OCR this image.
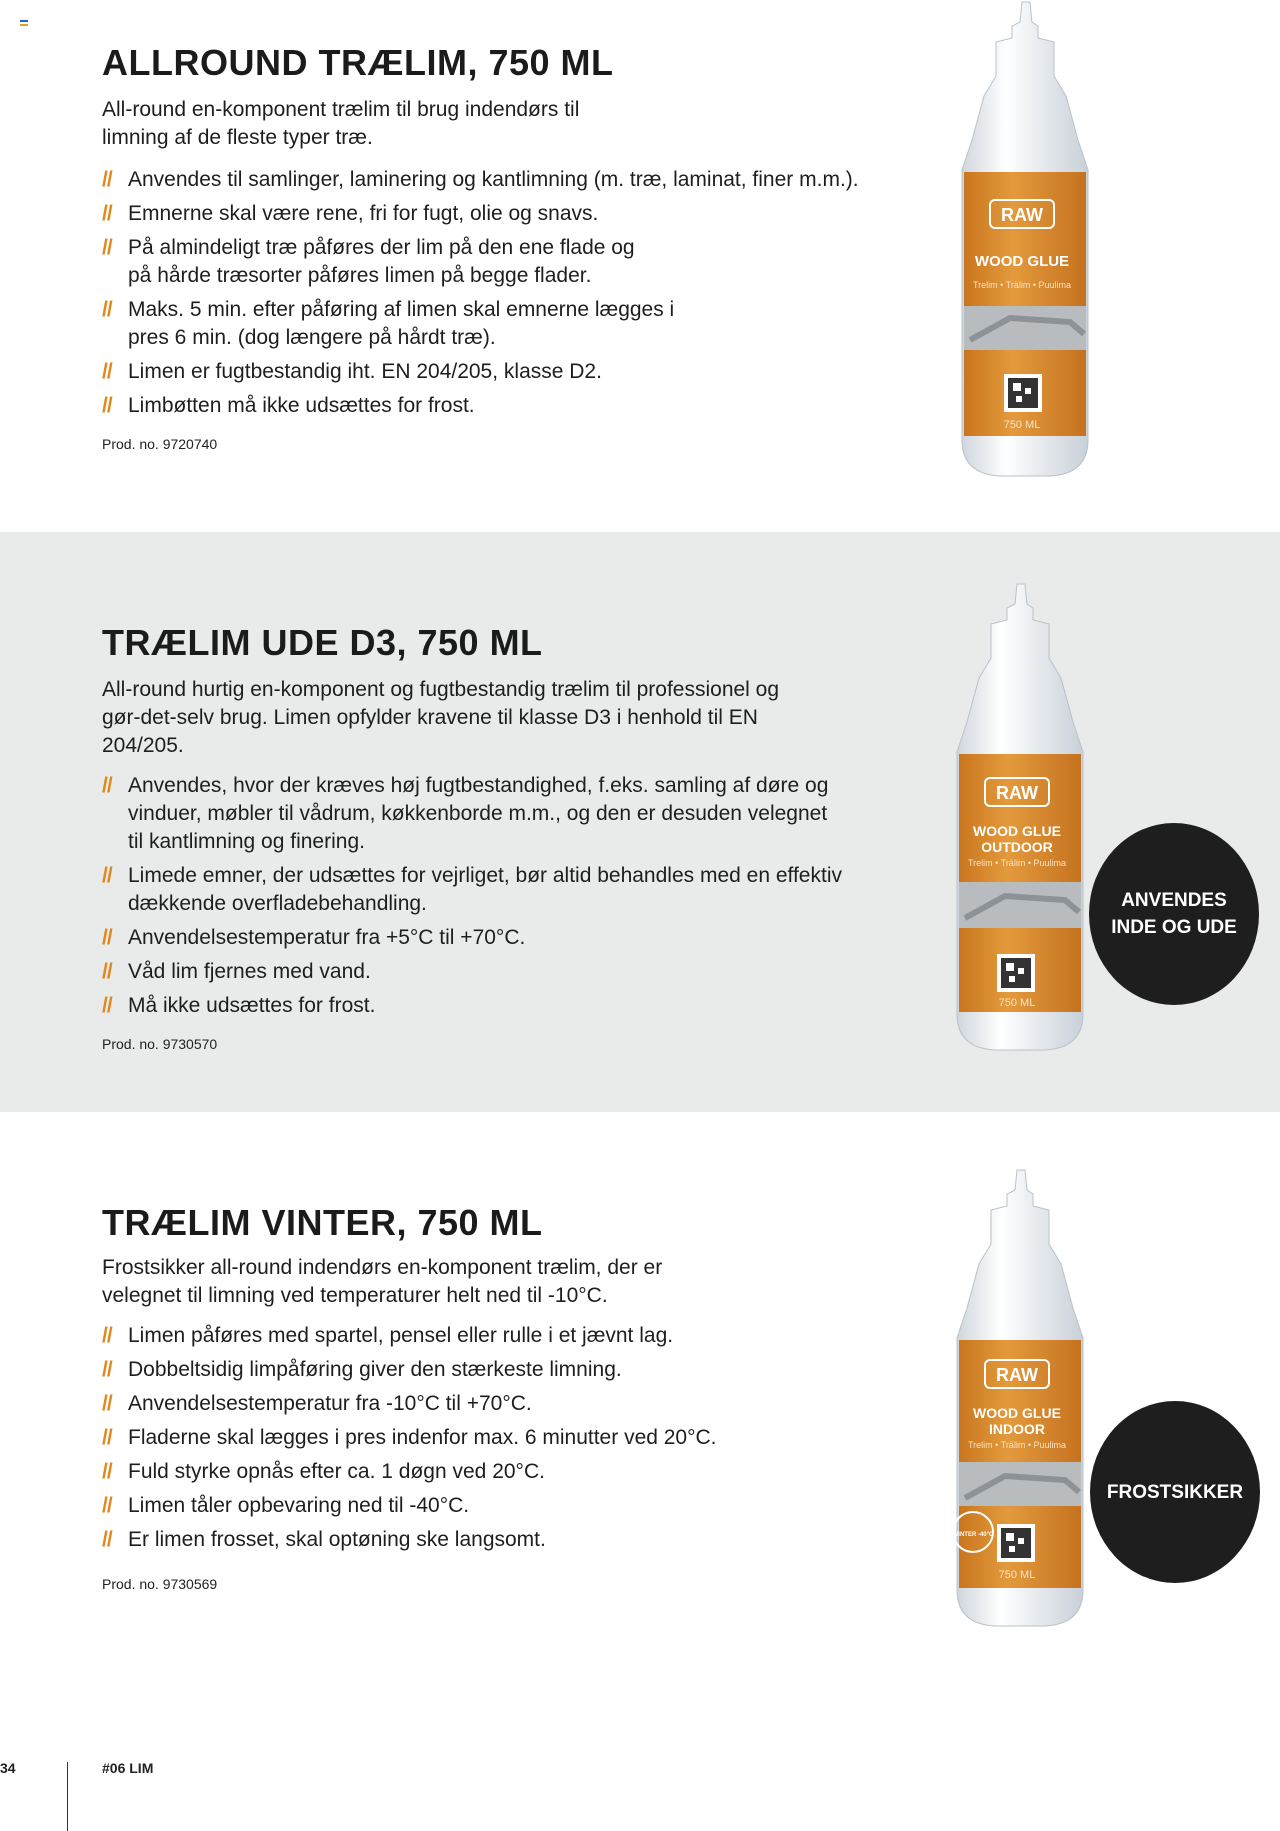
ALLROUND TRÆLIM, 750 ML

All-round en-komponent trælim til brug indendørs til limning af de fleste typer træ.

// Anvendes til samlinger, laminering og kantlimning (m. træ, laminat, finer m.m.).
// Emnerne skal være rene, fri for fugt, olie og snavs.
// På almindeligt træ påføres der lim på den ene flade og på hårde træsorter påføres limen på begge flader.
// Maks. 5 min. efter påføring af limen skal emnerne lægges i pres 6 min. (dog længere på hårdt træ).
// Limen er fugtbestandig iht. EN 204/205, klasse D2.
// Limbøtten må ikke udsættes for frost.
Prod. no. 9720740
RAW
WOOD GLUE
Trelim • Trälim • Puulima
750 ML
TRÆLIM UDE D3, 750 ML

All-round hurtig en-komponent og fugtbestandig trælim til professionel og gør-det-selv brug. Limen opfylder kravene til klasse D3 i henhold til EN 204/205.

// Anvendes, hvor der kræves høj fugtbestandighed, f.eks. samling af døre og vinduer, møbler til vådrum, køkkenborde m.m., og den er desuden velegnet til kantlimning og finering.
// Limede emner, der udsættes for vejrliget, bør altid behandles med en effektiv dækkende overfladebehandling.
// Anvendelsestemperatur fra +5°C til +70°C.
// Våd lim fjernes med vand.
// Må ikke udsættes for frost.
Prod. no. 9730570
RAW
WOOD GLUE
OUTDOOR
Trelim • Trälim • Puulima
750 ML
ANVENDES INDE OG UDE
TRÆLIM VINTER, 750 ML

Frostsikker all-round indendørs en-komponent trælim, der er velegnet til limning ved temperaturer helt ned til -10°C.

// Limen påføres med spartel, pensel eller rulle i et jævnt lag.
// Dobbeltsidig limpåføring giver den stærkeste limning.
// Anvendelsestemperatur fra -10°C til +70°C.
// Fladerne skal lægges i pres indenfor max. 6 minutter ved 20°C.
// Fuld styrke opnås efter ca. 1 døgn ved 20°C.
// Limen tåler opbevaring ned til -40°C.
// Er limen frosset, skal optøning ske langsomt.
Prod. no. 9730569
RAW
WOOD GLUE
INDOOR
Trelim • Trälim • Puulima
WINTER -40°C
750 ML
FROSTSIKKER
34	#06 LIM
